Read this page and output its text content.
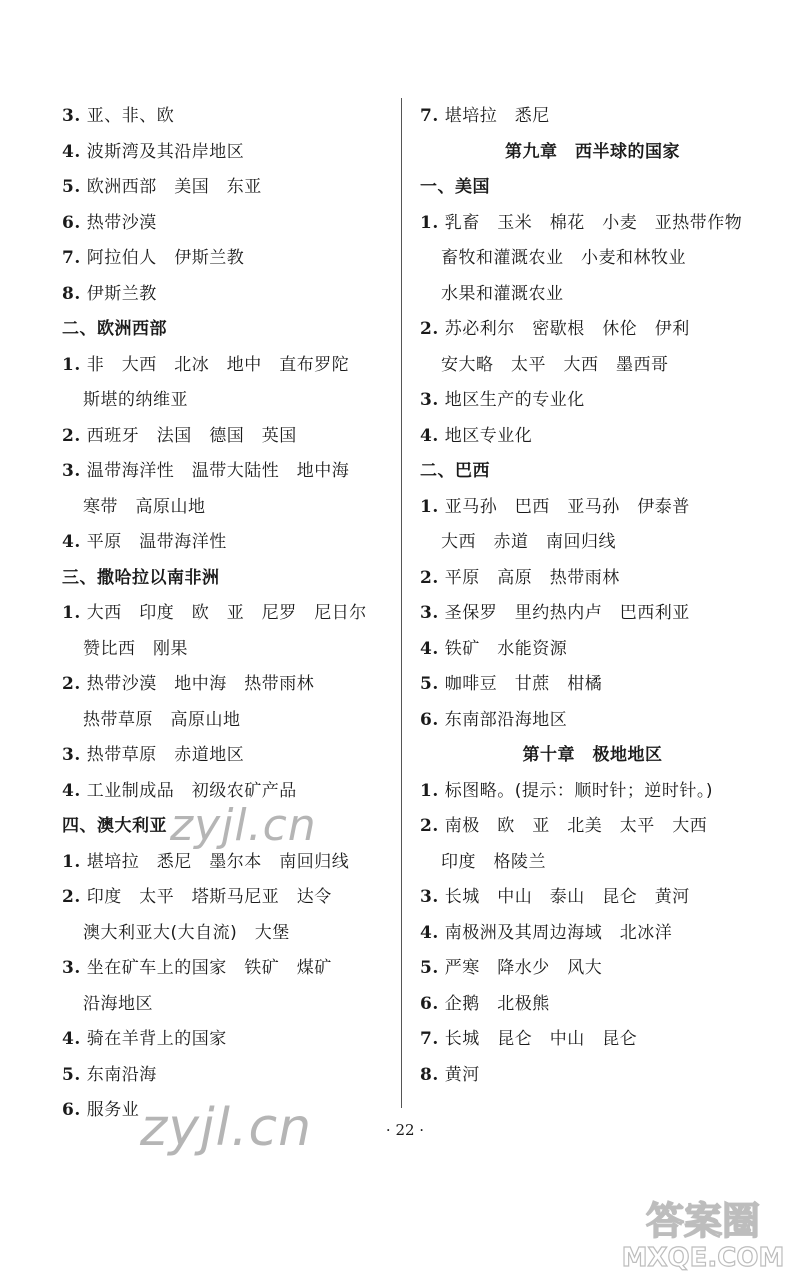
3. 亚、非、欧
4. 波斯湾及其沿岸地区
5. 欧洲西部　美国　东亚
6. 热带沙漠
7. 阿拉伯人　伊斯兰教
8. 伊斯兰教
二、欧洲西部
1. 非　大西　北冰　地中　直布罗陀
斯堪的纳维亚
2. 西班牙　法国　德国　英国
3. 温带海洋性　温带大陆性　地中海
寒带　高原山地
4. 平原　温带海洋性
三、撒哈拉以南非洲
1. 大西　印度　欧　亚　尼罗　尼日尔
赞比西　刚果
2. 热带沙漠　地中海　热带雨林
热带草原　高原山地
3. 热带草原　赤道地区
4. 工业制成品　初级农矿产品
四、澳大利亚
1. 堪培拉　悉尼　墨尔本　南回归线
2. 印度　太平　塔斯马尼亚　达令
澳大利亚大(大自流)　大堡
3. 坐在矿车上的国家　铁矿　煤矿
沿海地区
4. 骑在羊背上的国家
5. 东南沿海
6. 服务业
7. 堪培拉　悉尼
第九章　西半球的国家
一、美国
1. 乳畜　玉米　棉花　小麦　亚热带作物
畜牧和灌溉农业　小麦和林牧业
水果和灌溉农业
2. 苏必利尔　密歇根　休伦　伊利
安大略　太平　大西　墨西哥
3. 地区生产的专业化
4. 地区专业化
二、巴西
1. 亚马孙　巴西　亚马孙　伊泰普
大西　赤道　南回归线
2. 平原　高原　热带雨林
3. 圣保罗　里约热内卢　巴西利亚
4. 铁矿　水能资源
5. 咖啡豆　甘蔗　柑橘
6. 东南部沿海地区
第十章　极地地区
1. 标图略。(提示：顺时针；逆时针。)
2. 南极　欧　亚　北美　太平　大西
印度　格陵兰
3. 长城　中山　泰山　昆仑　黄河
4. 南极洲及其周边海域　北冰洋
5. 严寒　降水少　风大
6. 企鹅　北极熊
7. 长城　昆仑　中山　昆仑
8. 黄河
· 22 ·
zyjl.cn
zyjl.cn
答案圈
MXQE.COM
